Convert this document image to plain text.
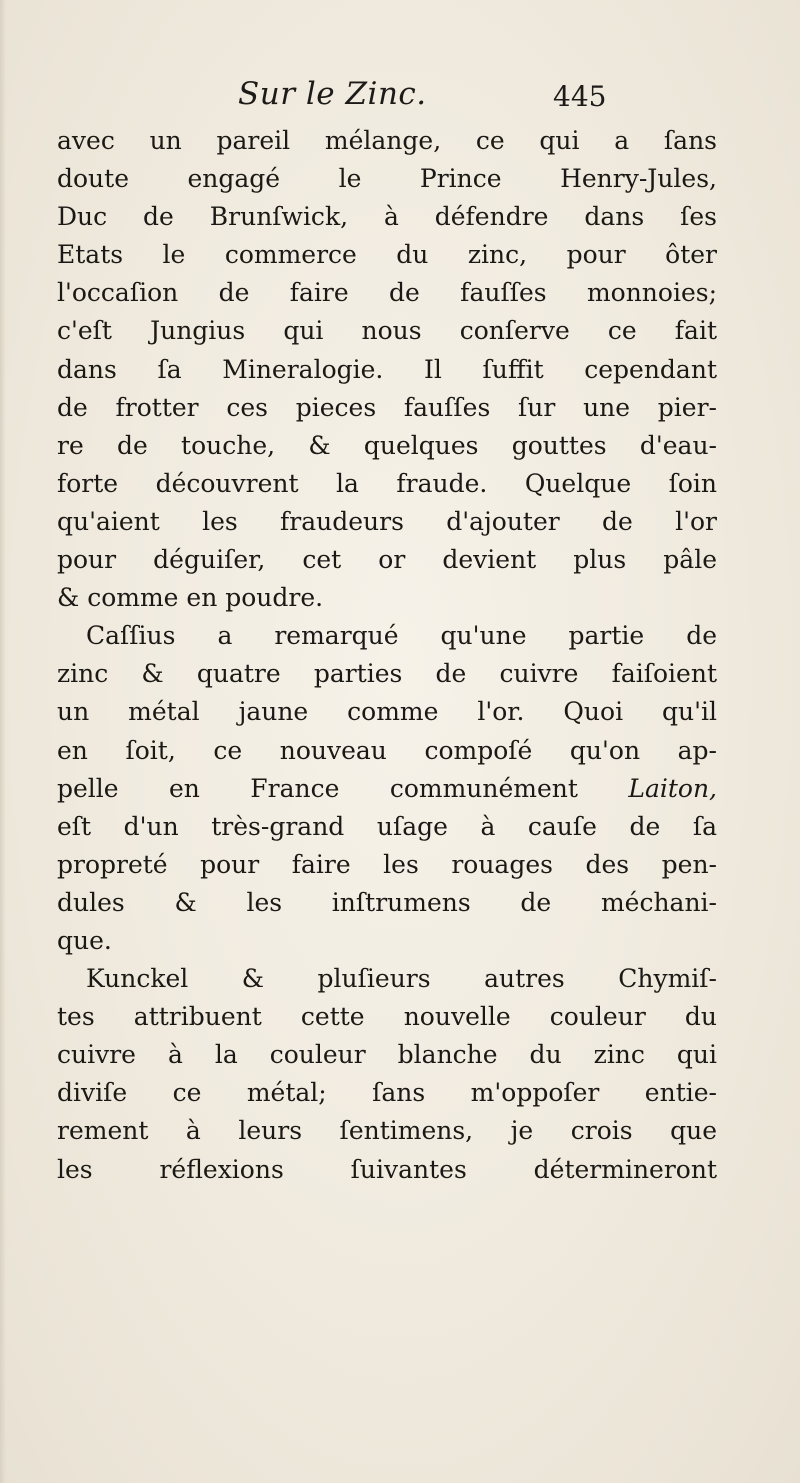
Sur le Zinc.	445
avec un pareil mélange, ce qui a ſans
doute engagé le Prince Henry-Jules,
Duc de Brunſwick, à défendre dans ſes
Etats le commerce du zinc, pour ôter
l'occaſion de faire de fauſſes monnoies;
c'eſt Jungius qui nous conſerve ce fait
dans ſa Mineralogie. Il ſuffit cependant
de frotter ces pieces fauſſes ſur une pier-
re de touche, & quelques gouttes d'eau-
forte découvrent la fraude. Quelque ſoin
qu'aient les fraudeurs d'ajouter de l'or
pour déguiſer, cet or devient plus pâle
& comme en poudre.
Caſſius a remarqué qu'une partie de
zinc & quatre parties de cuivre faiſoient
un métal jaune comme l'or. Quoi qu'il
en ſoit, ce nouveau compoſé qu'on ap-
pelle en France communément Laiton,
eſt d'un très-grand uſage à cauſe de ſa
propreté pour faire les rouages des pen-
dules & les inſtrumens de méchani-
que.
Kunckel & pluſieurs autres Chymiſ-
tes attribuent cette nouvelle couleur du
cuivre à la couleur blanche du zinc qui
diviſe ce métal; ſans m'oppoſer entie-
rement à leurs ſentimens, je crois que
les réflexions ſuivantes détermineront
